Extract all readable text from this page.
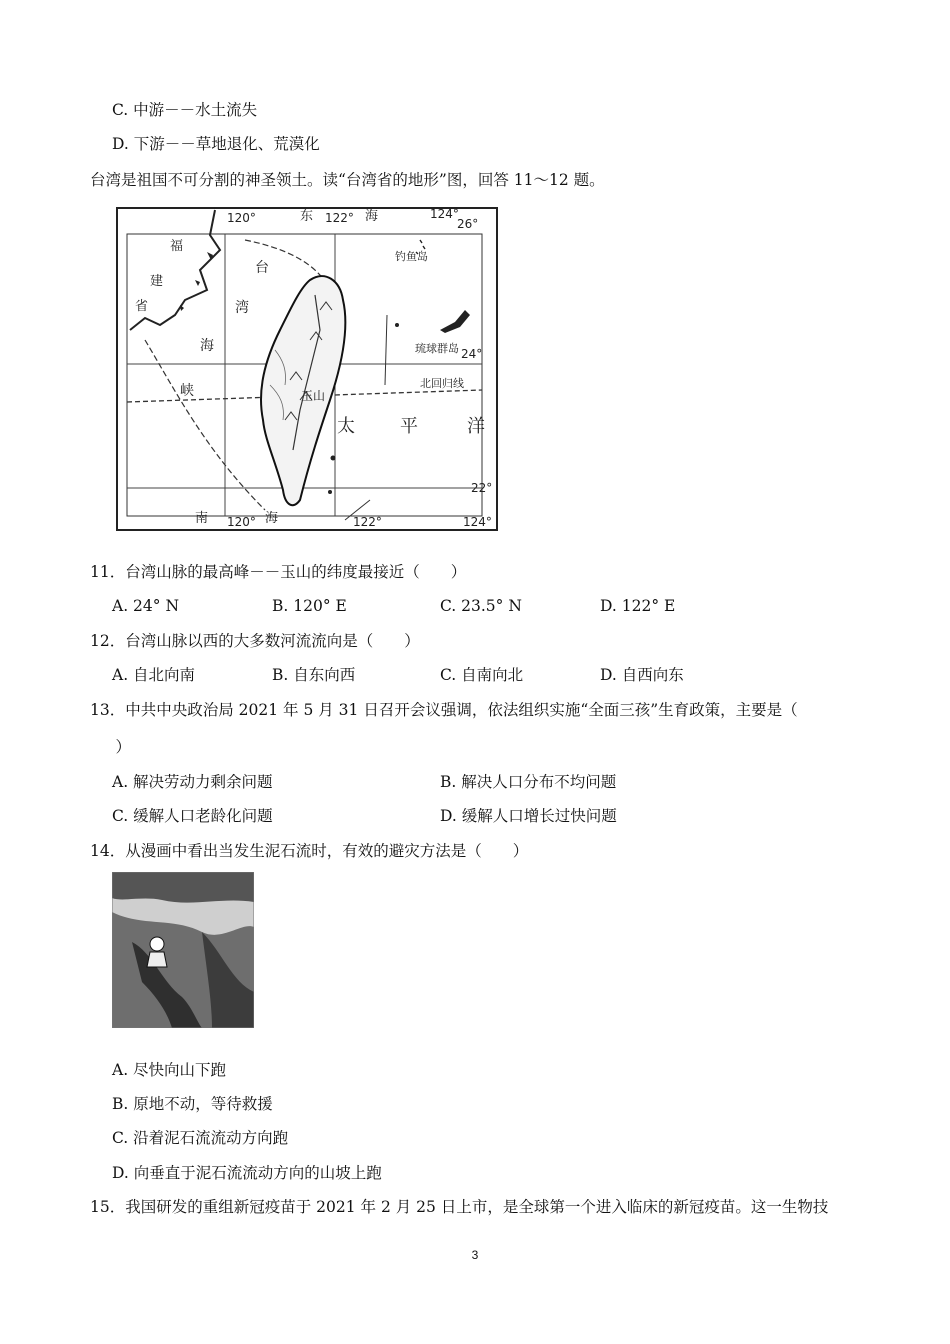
C. 中游－－水土流失
D. 下游－－草地退化、荒漠化
台湾是祖国不可分割的神圣领土。读“台湾省的地形”图，回答 11～12 题。
120°	122°	124°
26°
24°
22°
120°	122°	124°
东	海
福
建
省
台
湾
海
峡
钓鱼岛
琉球群岛
北回归线
太	平	洋
南	海
玉山
11．台湾山脉的最高峰－－玉山的纬度最接近（　　）
A. 24° N	B. 120° E	C. 23.5° N	D. 122° E
12．台湾山脉以西的大多数河流流向是（　　）
A. 自北向南	B. 自东向西	C. 自南向北	D. 自西向东
13．中共中央政治局 2021 年 5 月 31 日召开会议强调，依法组织实施“全面三孩”生育政策，主要是（
　）
A. 解决劳动力剩余问题	B. 解决人口分布不均问题
C. 缓解人口老龄化问题	D. 缓解人口增长过快问题
14．从漫画中看出当发生泥石流时，有效的避灾方法是（　　）
A. 尽快向山下跑
B. 原地不动，等待救援
C. 沿着泥石流流动方向跑
D. 向垂直于泥石流流动方向的山坡上跑
15．我国研发的重组新冠疫苗于 2021 年 2 月 25 日上市，是全球第一个进入临床的新冠疫苗。这一生物技
3
